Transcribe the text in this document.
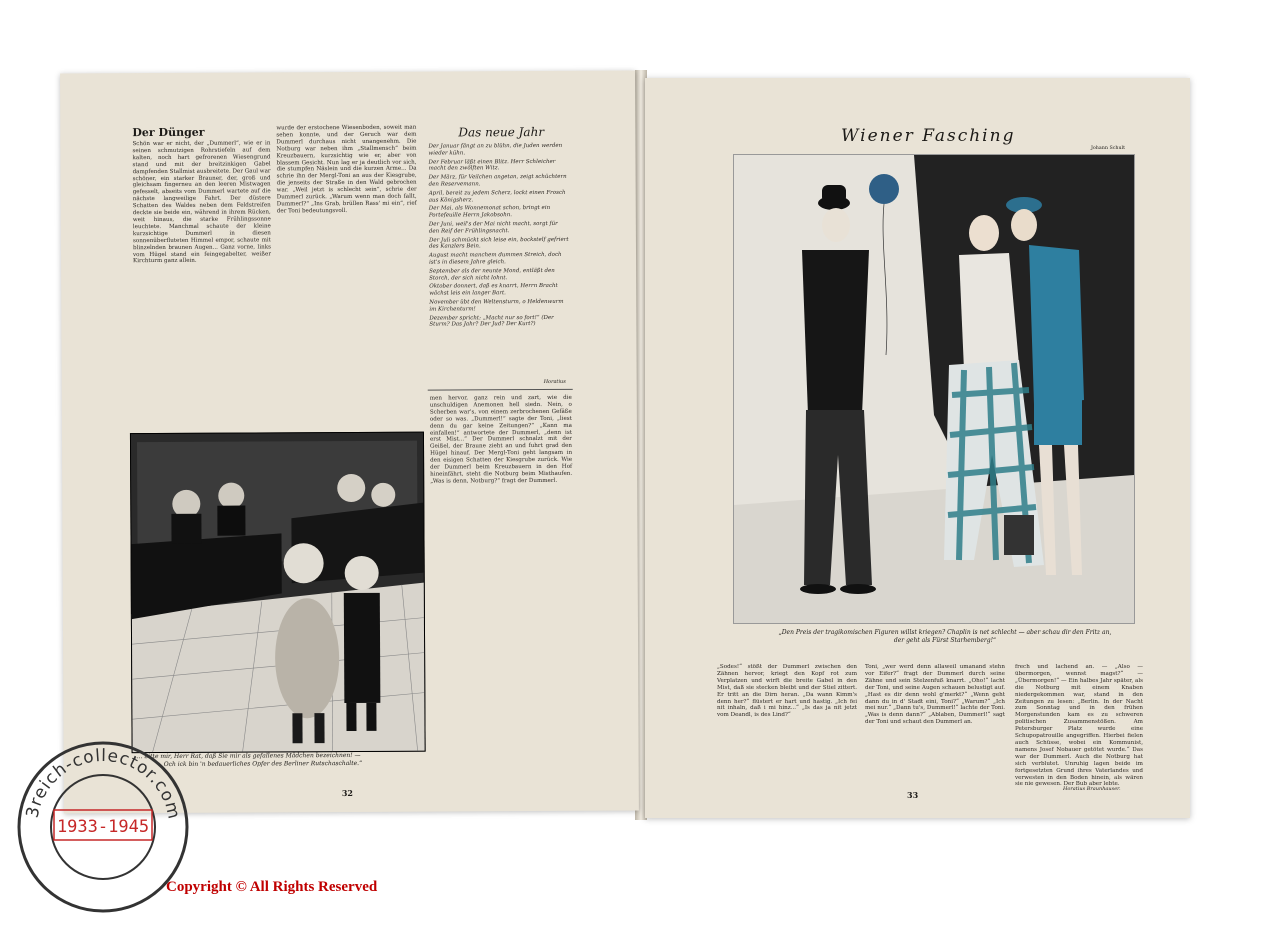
Der Dünger

Schön war er nicht, der „Dummerl“, wie er in seinen schmutzigen Rohrstiefeln auf dem kalten, noch hart gefrorenen Wiesengrund stand und mit der breitzinkigen Gabel dampfenden Stallmist ausbreitete. Der Gaul war schöner, ein starker Brauner, der, groß und gleichsam fingerneu an den leeren Mistwagen gefesselt, abseits vom Dummerl wartete auf die nächste langweilige Fahrt. Der düstere Schatten des Waldes neben dem Feldstreifen deckte sie beide ein, während in ihrem Rücken, weit hinaus, die starke Frühlingssonne leuchtete. Manchmal schaute der kleine kurzsichtige Dummerl in diesen sonnenüberfluteten Himmel empor, schaute mit blinzelnden braunen Augen... Ganz vorne, links vom Hügel stand ein feingegabelter, weißer Kirchturm ganz allein.

wurde der erstochene Wiesenboden, soweit man sehen konnte, und der Geruch war dem Dummerl durchaus nicht unangenehm. Die Notburg war neben ihm „Stallmensch“ beim Kreuzbauern, kurzsichtig wie er, aber von blassem Gesicht. Nun lag er ja deutlich vor sich, die stumpfen Näslein und die kurzen Arme... Da schrie ihn der Mergl-Toni an aus der Kiesgrube, die jenseits der Straße in den Wald gebrochen war. „Weil jetzt is schlecht sein“, schrie der Dummerl zurück. „Warum wenn man doch fallt, Dummerl?“ „Ins Grab, brüllen Rass' mi ein“, rief der Toni bedeutungsvoll.

Das neue Jahr

Der Januar fängt an zu blühn, die Juden werden wieder kühn.

Der Februar läßt einen Blitz. Herr Schleicher macht den zwölften Witz.

Der März, für Veilchen angetan, zeigt schüchtern den Reservemann.

April, bereit zu jedem Scherz, lockt einen Frosch aus Königsherz.

Der Mai, als Wonnemonat schon, bringt ein Portefeuille Herrn Jakobsohn.

Der Juni, weil's der Mai nicht macht, sorgt für den Reif der Frühlingsnacht.

Der Juli schmückt sich leise ein, bockstelf gefriert des Kanzlers Bein.

August macht manchem dummen Streich, doch ist's in diesem Jahre gleich.

September als der neunte Mond, entläßt den Storch, der sich nicht lohnt.

Oktober donnert, daß es knarrt, Herrn Bracht wächst leis ein langer Bart.

November übt den Weltensturm, o Heldenwurm im Kirchenturm!

Dezember spricht: „Macht nur so fort!“ (Der Sturm? Das Jahr? Der Jud? Der Kurt?)

Horatius

men hervor, ganz rein und zart, wie die unschuldigen Anemonen hell siedn. Nein, o Scherben war's, von einem zerbrochenen Gefäße oder so was. „Dummerl!“ sagte der Toni, „liest denn du gar keine Zeitungen?“ „Kann ma einfallen!“ antwortete der Dummerl, „denn ist erst Mist...“ Der Dummerl schnalzt mit der Geißel, der Braune zieht an und fuhrt grad den Hügel hinauf. Der Mergl-Toni geht langsam in den eisigen Schatten der Kiesgrube zurück. Wie der Dummerl beim Kreuzbauern in den Hof hineinfährt, steht die Notburg beim Misthaufen. „Was is denn, Notburg?“ fragt der Dummerl.

„... bitte mir, Herr Rat, daß Sie mir als gefallenes Mädchen bezeichnen! —
Och ick bin 'n bedauerliches Opfer des Berliner Rutschaschalte.“
32
Wiener Fasching
Johann Schult
„Den Preis der tragikomischen Figuren willst kriegen? Chaplin is net schlecht — aber schau dir den Fritz an,
der geht als Fürst Starhemberg!“

„Sodes!“ stößt der Dummerl zwischen den Zähnen hervor, kriegt den Kopf rot zum Verplatzen und wirft die breite Gabel in den Mist, daß sie stecken bleibt und der Stiel zittert. Er tritt an die Dirn heran. „Da wann Kimm's denn her?“ flüstert er hart und hastig. „Ich fei nit inhaln, daß i mi hinz...“ „Is das ja nit jetzt vom Deandl, is des Lind?“

Toni, „wer werd denn allaweil umanand stehn vor Eifer?“ fragt der Dummerl durch seine Zähne und sein Stelzenfuß knarrt. „Oho!“ lacht der Toni, und seine Augen schauen belustigt auf. „Hast es dir denn wohl g'merkt?“ „Wenn geht dann du in d' Stadt eini, Toni?“ „Warum?“ „Ich mei nur.“ „Dann tu's, Dummerl!“ lachte der Toni. „Was is denn dann?“ „Ablaben, Dummerl!“ sagt der Toni und schaut den Dummerl an.

frech und lachend an. — „Also — übermorgen, wennst magst?“ — „Übermorgen!“ — Ein halbes Jahr später, als die Notburg mit einem Knaben niedergekommen war, stand in den Zeitungen zu lesen: „Berlin. In der Nacht zum Sonntag und in den frühen Morgenstunden kam es zu schweren politischen Zusammenstößen. Am Petersburger Platz wurde eine Schupopatrouille angegriffen. Hierbei fielen auch Schüsse, wobei ein Kommunist, namens Josef Nobauer getötet wurde.“ Das war der Dummerl. Auch die Notburg hat sich verblutet. Unruhig lagen beide im fortgesetzten Grund ihres Vaterlandes und verwesten in den Boden hinein, als wären sie nie gewesen. Der Bub aber lebte.

Horatius Braunhauser.
33
3reich-collector.com
1933-1945
Copyright © All Rights Reserved
